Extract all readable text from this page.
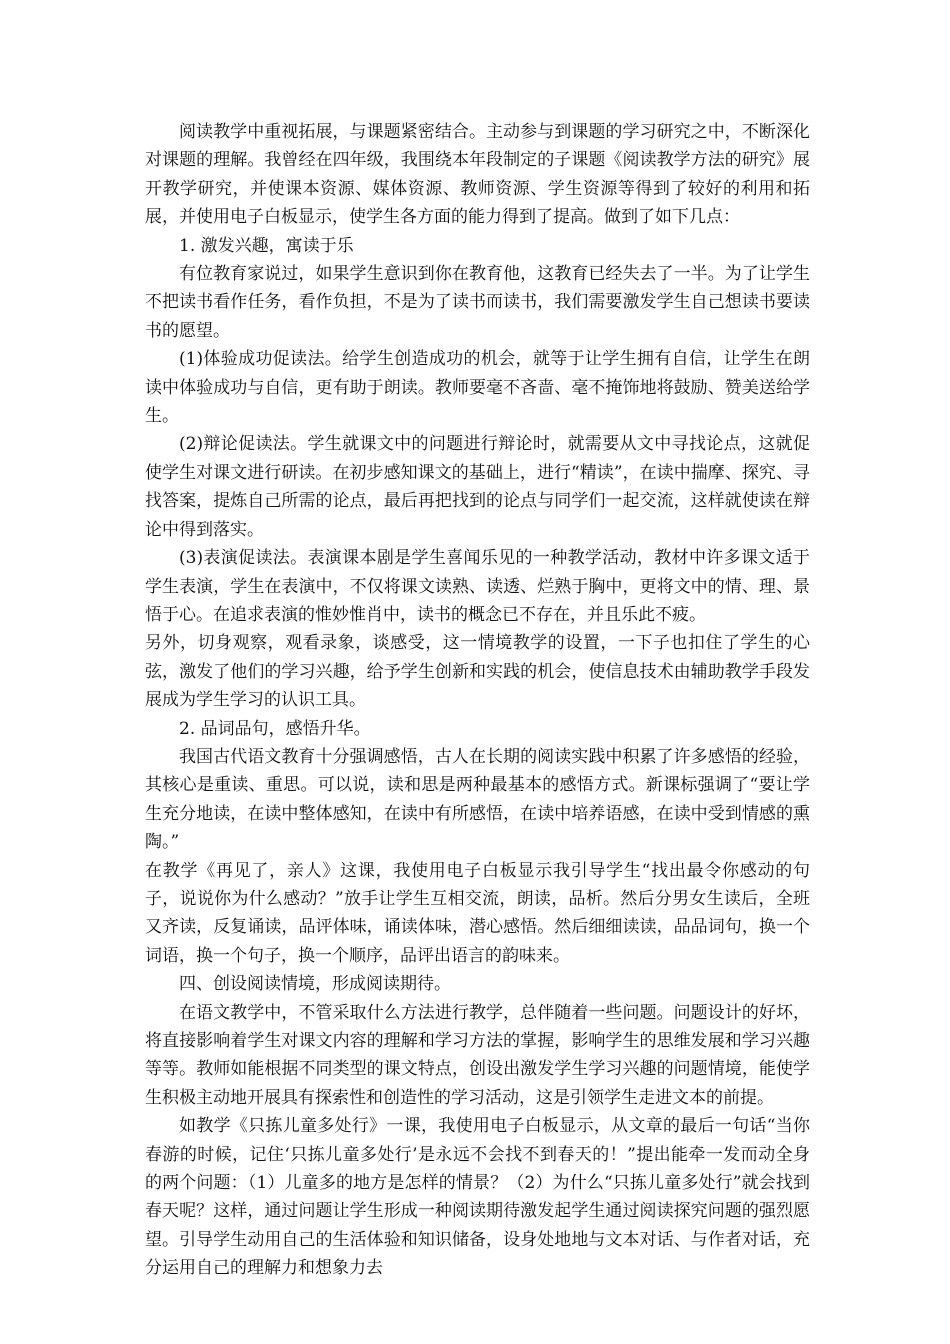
阅读教学中重视拓展，与课题紧密结合。主动参与到课题的学习研究之中，不断深化对课题的理解。我曾经在四年级，我围绕本年段制定的子课题《阅读教学方法的研究》展开教学研究，并使课本资源、媒体资源、教师资源、学生资源等得到了较好的利用和拓展，并使用电子白板显示，使学生各方面的能力得到了提高。做到了如下几点：

1. 激发兴趣，寓读于乐

有位教育家说过，如果学生意识到你在教育他，这教育已经失去了一半。为了让学生不把读书看作任务，看作负担，不是为了读书而读书，我们需要激发学生自己想读书要读书的愿望。

(1)体验成功促读法。给学生创造成功的机会，就等于让学生拥有自信，让学生在朗读中体验成功与自信，更有助于朗读。教师要毫不吝啬、毫不掩饰地将鼓励、赞美送给学生。

(2)辩论促读法。学生就课文中的问题进行辩论时，就需要从文中寻找论点，这就促使学生对课文进行研读。在初步感知课文的基础上，进行“精读”，在读中揣摩、探究、寻找答案，提炼自己所需的论点，最后再把找到的论点与同学们一起交流，这样就使读在辩论中得到落实。

(3)表演促读法。表演课本剧是学生喜闻乐见的一种教学活动，教材中许多课文适于学生表演，学生在表演中，不仅将课文读熟、读透、烂熟于胸中，更将文中的情、理、景悟于心。在追求表演的惟妙惟肖中，读书的概念已不存在，并且乐此不疲。

另外，切身观察，观看录象，谈感受，这一情境教学的设置，一下子也扣住了学生的心弦，激发了他们的学习兴趣，给予学生创新和实践的机会，使信息技术由辅助教学手段发展成为学生学习的认识工具。

2. 品词品句，感悟升华。

我国古代语文教育十分强调感悟，古人在长期的阅读实践中积累了许多感悟的经验，其核心是重读、重思。可以说，读和思是两种最基本的感悟方式。新课标强调了“要让学生充分地读，在读中整体感知，在读中有所感悟，在读中培养语感，在读中受到情感的熏陶。”

在教学《再见了，亲人》这课，我使用电子白板显示我引导学生“找出最令你感动的句子，说说你为什么感动？”放手让学生互相交流，朗读，品析。然后分男女生读后，全班又齐读，反复诵读，品评体味，诵读体味，潜心感悟。然后细细读读，品品词句，换一个词语，换一个句子，换一个顺序，品评出语言的韵味来。

四、创设阅读情境，形成阅读期待。

在语文教学中，不管采取什么方法进行教学，总伴随着一些问题。问题设计的好坏，将直接影响着学生对课文内容的理解和学习方法的掌握，影响学生的思维发展和学习兴趣等等。教师如能根据不同类型的课文特点，创设出激发学生学习兴趣的问题情境，能使学生积极主动地开展具有探索性和创造性的学习活动，这是引领学生走进文本的前提。

如教学《只拣儿童多处行》一课，我使用电子白板显示，从文章的最后一句话“当你春游的时候，记住‘只拣儿童多处行’是永远不会找不到春天的！”提出能牵一发而动全身的两个问题：（1）儿童多的地方是怎样的情景？（2）为什么“只拣儿童多处行”就会找到春天呢？这样，通过问题让学生形成一种阅读期待激发起学生通过阅读探究问题的强烈愿望。引导学生动用自己的生活体验和知识储备，设身处地地与文本对话、与作者对话，充分运用自己的理解力和想象力去
